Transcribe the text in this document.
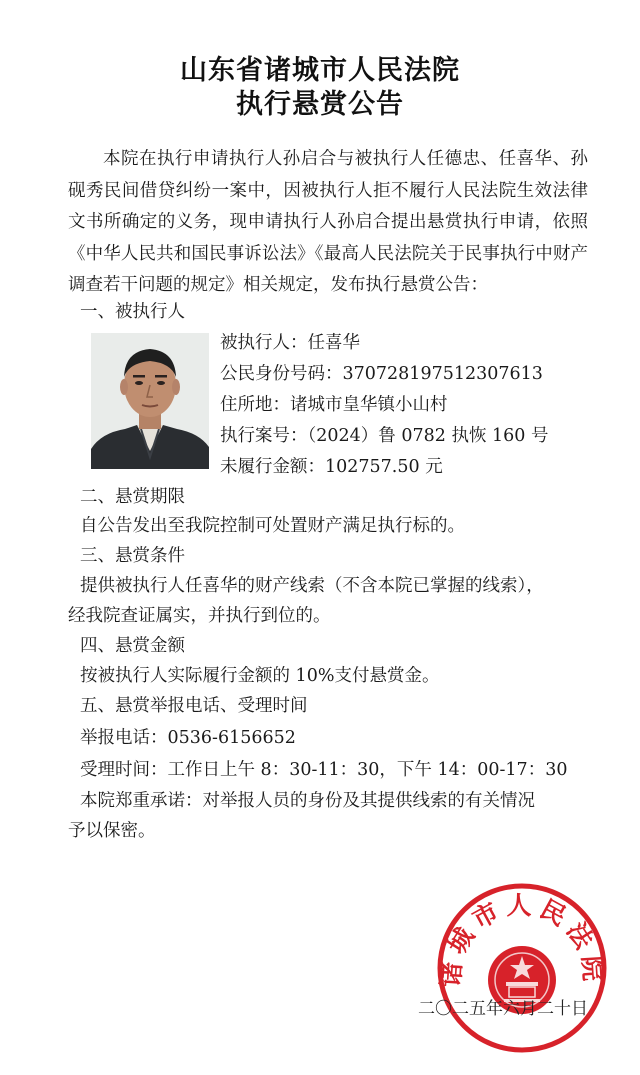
山东省诸城市人民法院
执行悬赏公告
本院在执行申请执行人孙启合与被执行人任德忠、任喜华、孙砚秀民间借贷纠纷一案中，因被执行人拒不履行人民法院生效法律文书所确定的义务，现申请执行人孙启合提出悬赏执行申请，依照《中华人民共和国民事诉讼法》《最高人民法院关于民事执行中财产调查若干问题的规定》相关规定，发布执行悬赏公告：
一、被执行人
被执行人：任喜华
公民身份号码：370728197512307613
住所地：诸城市皇华镇小山村
执行案号：（2024）鲁 0782 执恢 160 号
未履行金额：102757.50 元
二、悬赏期限
自公告发出至我院控制可处置财产满足执行标的。
三、悬赏条件
提供被执行人任喜华的财产线索（不含本院已掌握的线索），
经我院查证属实，并执行到位的。
四、悬赏金额
按被执行人实际履行金额的 10%支付悬赏金。
五、悬赏举报电话、受理时间
举报电话：0536-6156652
受理时间：工作日上午 8：30-11：30，下午 14：00-17：30
本院郑重承诺：对举报人员的身份及其提供线索的有关情况
予以保密。
诸城市人民法院
二〇二五年六月二十日
